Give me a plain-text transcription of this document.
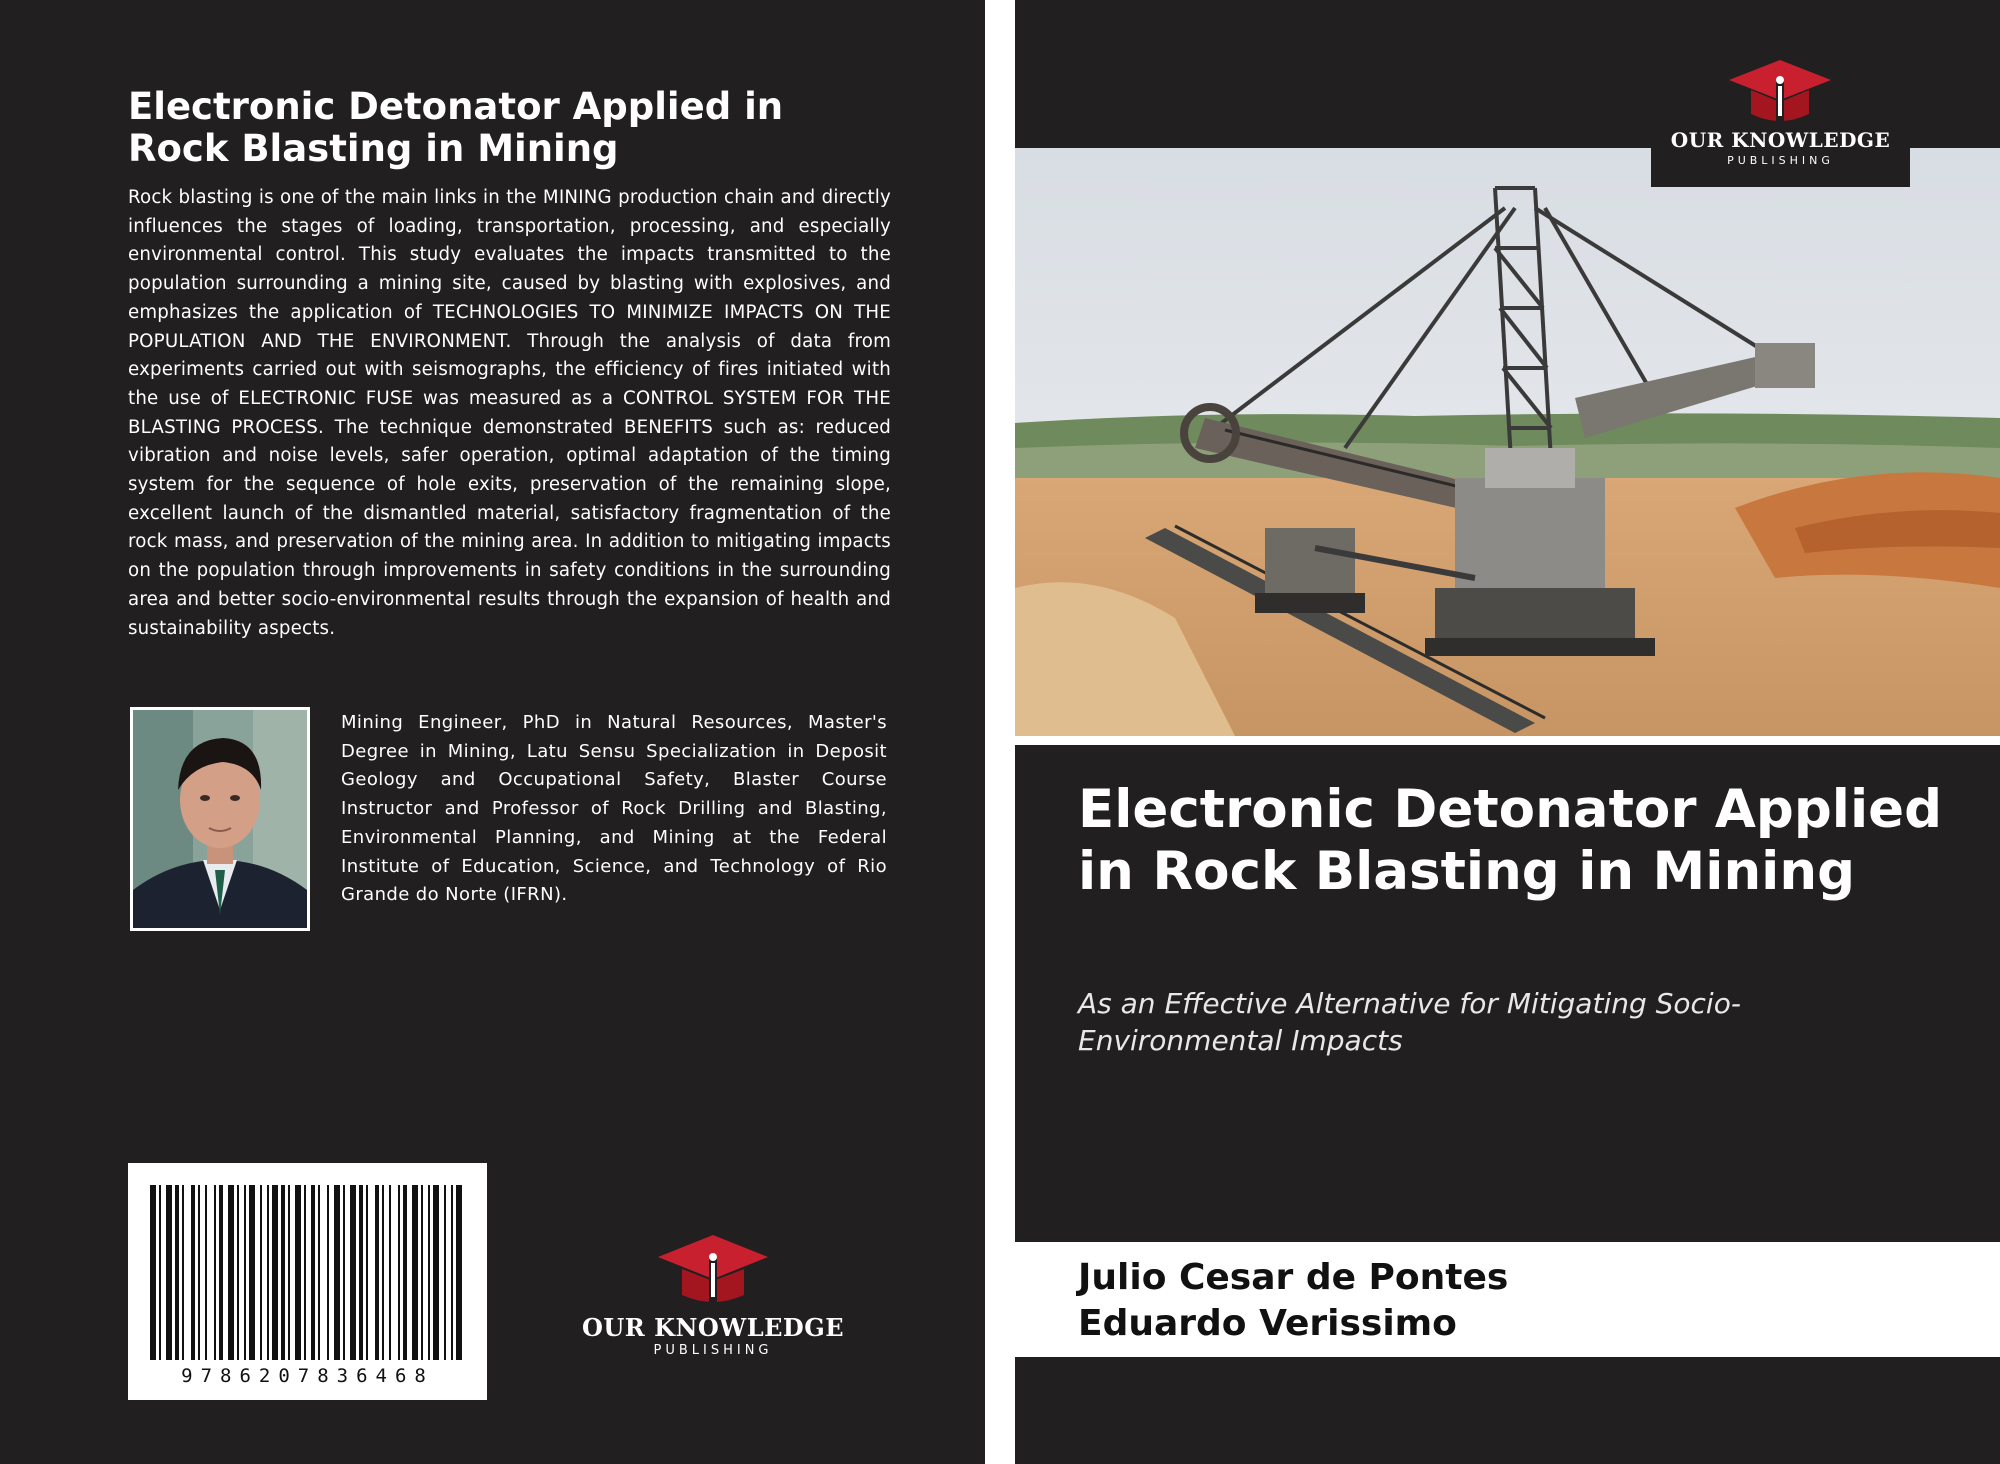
Electronic Detonator Applied in Rock Blasting in Mining

Rock blasting is one of the main links in the MINING production chain and directly influences the stages of loading, transportation, processing, and especially environmental control. This study evaluates the impacts transmitted to the population surrounding a mining site, caused by blasting with explosives, and emphasizes the application of TECHNOLOGIES TO MINIMIZE IMPACTS ON THE POPULATION AND THE ENVIRONMENT. Through the analysis of data from experiments carried out with seismographs, the efficiency of fires initiated with the use of ELECTRONIC FUSE was measured as a CONTROL SYSTEM FOR THE BLASTING PROCESS. The technique demonstrated BENEFITS such as: reduced vibration and noise levels, safer operation, optimal adaptation of the timing system for the sequence of hole exits, preservation of the remaining slope, excellent launch of the dismantled material, satisfactory fragmentation of the rock mass, and preservation of the mining area. In addition to mitigating impacts on the population through improvements in safety conditions in the surrounding area and better socio-environmental results through the expansion of health and sustainability aspects.

Mining Engineer, PhD in Natural Resources, Master's Degree in Mining, Latu Sensu Specialization in Deposit Geology and Occupational Safety, Blaster Course Instructor and Professor of Rock Drilling and Blasting, Environmental Planning, and Mining at the Federal Institute of Education, Science, and Technology of Rio Grande do Norte (IFRN).

9786207836468
OUR KNOWLEDGE
PUBLISHING
OUR KNOWLEDGE
PUBLISHING
Electronic Detonator Applied in Rock Blasting in Mining
As an Effective Alternative for Mitigating Socio-Environmental Impacts
Julio Cesar de Pontes
Eduardo Verissimo
